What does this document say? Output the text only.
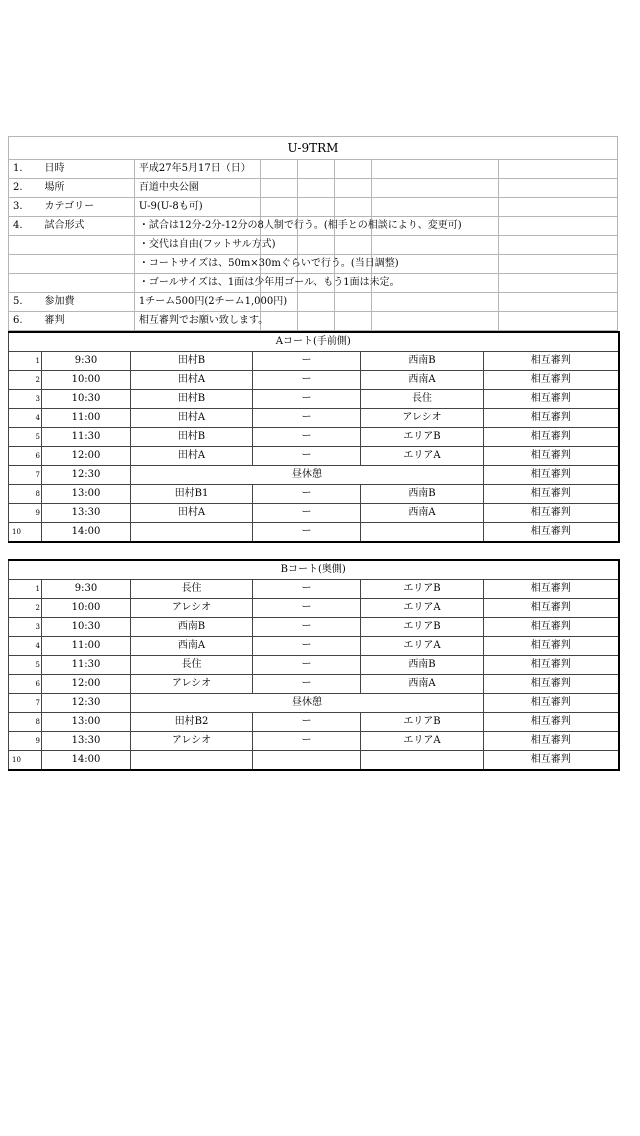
U-9TRM							
1.	日時	平成27年5月17日（日）					
2.	場所	百道中央公園					
3.	カテゴリー	U-9(U-8も可)					
4.	試合形式	・試合は12分-2分-12分の8人制で行う。(相手との相談により、変更可)					
		・交代は自由(フットサル方式)					
		・コートサイズは、50m×30mぐらいで行う。(当日調整)					
		・ゴールサイズは、1面は少年用ゴール、もう1面は未定。					
5.	参加費	1チーム500円(2チーム1,000円)					
6.	審判	相互審判でお願い致します。					
Aコート(手前側)					
1	9:30	田村B	ー	西南B	相互審判
2	10:00	田村A	ー	西南A	相互審判
3	10:30	田村B	ー	長住	相互審判
4	11:00	田村A	ー	アレシオ	相互審判
5	11:30	田村B	ー	エリアB	相互審判
6	12:00	田村A	ー	エリアA	相互審判
7	12:30	昼休憩			相互審判
8	13:00	田村B1	ー	西南B	相互審判
9	13:30	田村A	ー	西南A	相互審判
10	14:00		ー		相互審判
Bコート(奥側)					
1	9:30	長住	ー	エリアB	相互審判
2	10:00	アレシオ	ー	エリアA	相互審判
3	10:30	西南B	ー	エリアB	相互審判
4	11:00	西南A	ー	エリアA	相互審判
5	11:30	長住	ー	西南B	相互審判
6	12:00	アレシオ	ー	西南A	相互審判
7	12:30	昼休憩			相互審判
8	13:00	田村B2	ー	エリアB	相互審判
9	13:30	アレシオ	ー	エリアA	相互審判
10	14:00				相互審判
